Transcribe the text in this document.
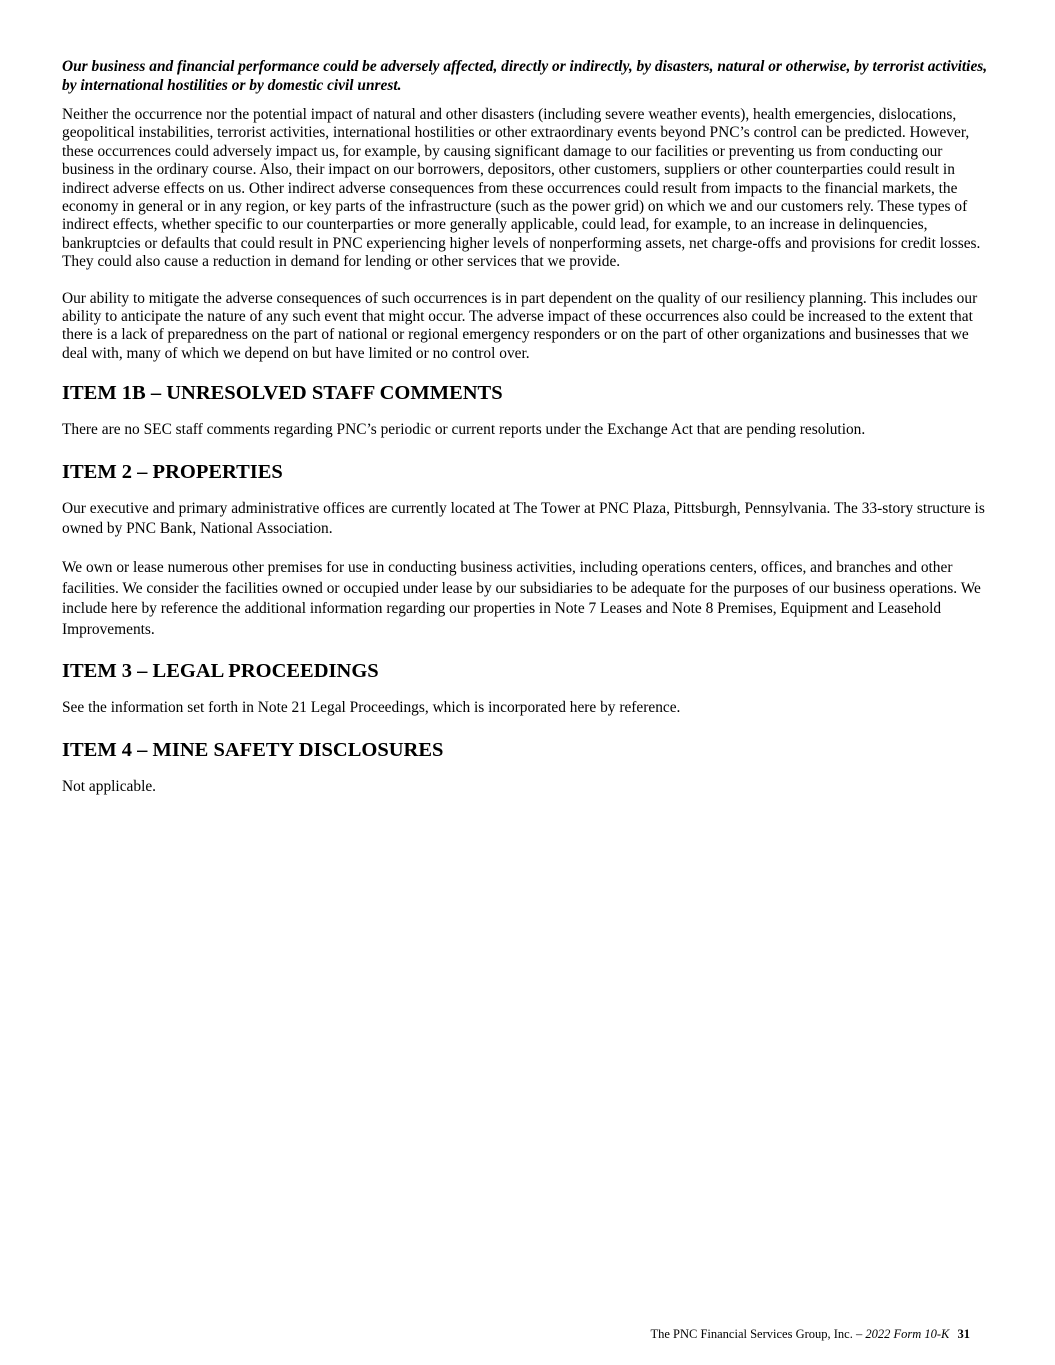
Our business and financial performance could be adversely affected, directly or indirectly, by disasters, natural or otherwise, by terrorist activities, by international hostilities or by domestic civil unrest.

Neither the occurrence nor the potential impact of natural and other disasters (including severe weather events), health emergencies, dislocations, geopolitical instabilities, terrorist activities, international hostilities or other extraordinary events beyond PNC’s control can be predicted. However, these occurrences could adversely impact us, for example, by causing significant damage to our facilities or preventing us from conducting our business in the ordinary course. Also, their impact on our borrowers, depositors, other customers, suppliers or other counterparties could result in indirect adverse effects on us. Other indirect adverse consequences from these occurrences could result from impacts to the financial markets, the economy in general or in any region, or key parts of the infrastructure (such as the power grid) on which we and our customers rely. These types of indirect effects, whether specific to our counterparties or more generally applicable, could lead, for example, to an increase in delinquencies, bankruptcies or defaults that could result in PNC experiencing higher levels of nonperforming assets, net charge-offs and provisions for credit losses. They could also cause a reduction in demand for lending or other services that we provide.

Our ability to mitigate the adverse consequences of such occurrences is in part dependent on the quality of our resiliency planning. This includes our ability to anticipate the nature of any such event that might occur. The adverse impact of these occurrences also could be increased to the extent that there is a lack of preparedness on the part of national or regional emergency responders or on the part of other organizations and businesses that we deal with, many of which we depend on but have limited or no control over.

ITEM 1B – UNRESOLVED STAFF COMMENTS

There are no SEC staff comments regarding PNC’s periodic or current reports under the Exchange Act that are pending resolution.

ITEM 2 – PROPERTIES

Our executive and primary administrative offices are currently located at The Tower at PNC Plaza, Pittsburgh, Pennsylvania. The 33-story structure is owned by PNC Bank, National Association.

We own or lease numerous other premises for use in conducting business activities, including operations centers, offices, and branches and other facilities. We consider the facilities owned or occupied under lease by our subsidiaries to be adequate for the purposes of our business operations. We include here by reference the additional information regarding our properties in Note 7 Leases and Note 8 Premises, Equipment and Leasehold Improvements.

ITEM 3 – LEGAL PROCEEDINGS

See the information set forth in Note 21 Legal Proceedings, which is incorporated here by reference.

ITEM 4 – MINE SAFETY DISCLOSURES

Not applicable.

The PNC Financial Services Group, Inc. – 2022 Form 10-K 31
